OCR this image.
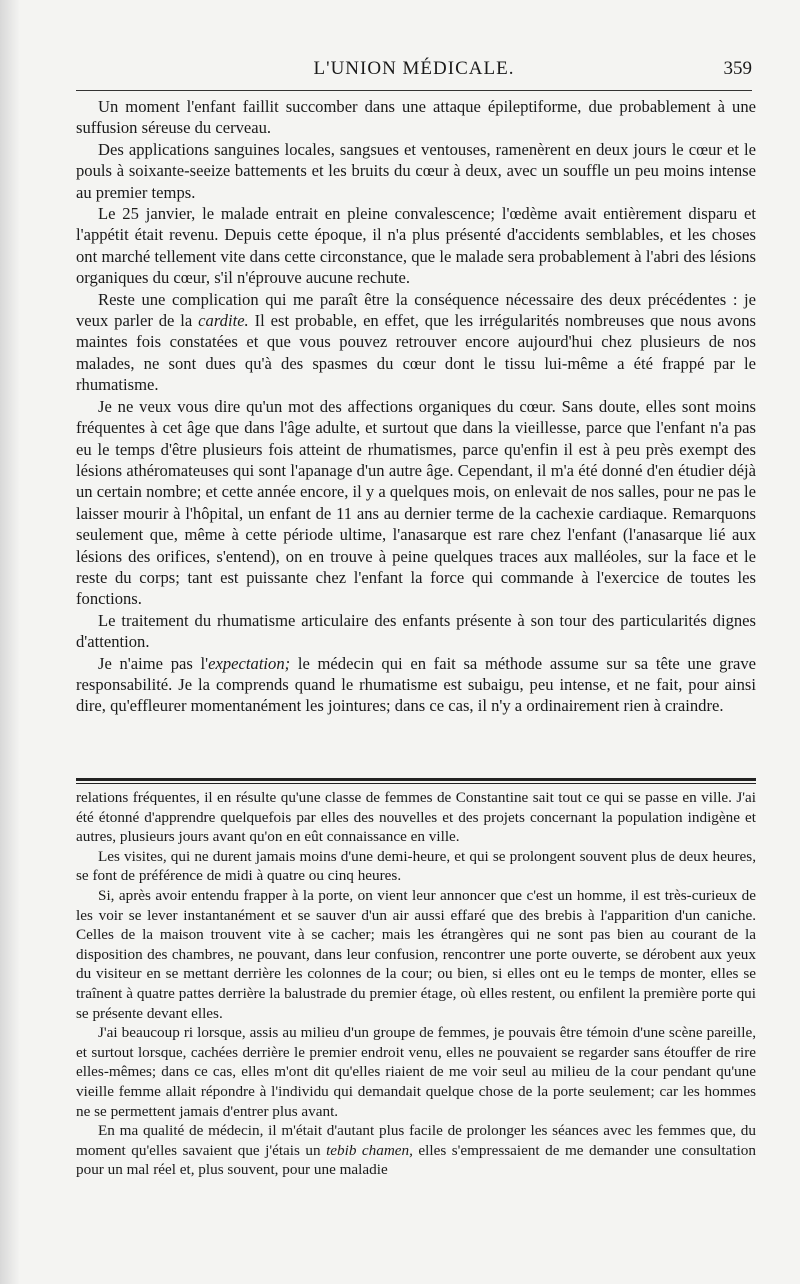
L'UNION MÉDICALE.	359

Un moment l'enfant faillit succomber dans une attaque épileptiforme, due probablement à une suffusion séreuse du cerveau.

Des applications sanguines locales, sangsues et ventouses, ramenèrent en deux jours le cœur et le pouls à soixante-seeize battements et les bruits du cœur à deux, avec un souffle un peu moins intense au premier temps.

Le 25 janvier, le malade entrait en pleine convalescence; l'œdème avait entièrement disparu et l'appétit était revenu. Depuis cette époque, il n'a plus présenté d'accidents semblables, et les choses ont marché tellement vite dans cette circonstance, que le malade sera probablement à l'abri des lésions organiques du cœur, s'il n'éprouve aucune rechute.

Reste une complication qui me paraît être la conséquence nécessaire des deux précédentes : je veux parler de la cardite. Il est probable, en effet, que les irrégularités nombreuses que nous avons maintes fois constatées et que vous pouvez retrouver encore aujourd'hui chez plusieurs de nos malades, ne sont dues qu'à des spasmes du cœur dont le tissu lui-même a été frappé par le rhumatisme.

Je ne veux vous dire qu'un mot des affections organiques du cœur. Sans doute, elles sont moins fréquentes à cet âge que dans l'âge adulte, et surtout que dans la vieillesse, parce que l'enfant n'a pas eu le temps d'être plusieurs fois atteint de rhumatismes, parce qu'enfin il est à peu près exempt des lésions athéromateuses qui sont l'apanage d'un autre âge. Cependant, il m'a été donné d'en étudier déjà un certain nombre; et cette année encore, il y a quelques mois, on enlevait de nos salles, pour ne pas le laisser mourir à l'hôpital, un enfant de 11 ans au dernier terme de la cachexie cardiaque. Remarquons seulement que, même à cette période ultime, l'anasarque est rare chez l'enfant (l'anasarque lié aux lésions des orifices, s'entend), on en trouve à peine quelques traces aux malléoles, sur la face et le reste du corps; tant est puissante chez l'enfant la force qui commande à l'exercice de toutes les fonctions.

Le traitement du rhumatisme articulaire des enfants présente à son tour des particularités dignes d'attention.

Je n'aime pas l'expectation; le médecin qui en fait sa méthode assume sur sa tête une grave responsabilité. Je la comprends quand le rhumatisme est subaigu, peu intense, et ne fait, pour ainsi dire, qu'effleurer momentanément les jointures; dans ce cas, il n'y a ordinairement rien à craindre.

relations fréquentes, il en résulte qu'une classe de femmes de Constantine sait tout ce qui se passe en ville. J'ai été étonné d'apprendre quelquefois par elles des nouvelles et des projets concernant la population indigène et autres, plusieurs jours avant qu'on en eût connaissance en ville.

Les visites, qui ne durent jamais moins d'une demi-heure, et qui se prolongent souvent plus de deux heures, se font de préférence de midi à quatre ou cinq heures.

Si, après avoir entendu frapper à la porte, on vient leur annoncer que c'est un homme, il est très-curieux de les voir se lever instantanément et se sauver d'un air aussi effaré que des brebis à l'apparition d'un caniche. Celles de la maison trouvent vite à se cacher; mais les étrangères qui ne sont pas bien au courant de la disposition des chambres, ne pouvant, dans leur confusion, rencontrer une porte ouverte, se dérobent aux yeux du visiteur en se mettant derrière les colonnes de la cour; ou bien, si elles ont eu le temps de monter, elles se traînent à quatre pattes derrière la balustrade du premier étage, où elles restent, ou enfilent la première porte qui se présente devant elles.

J'ai beaucoup ri lorsque, assis au milieu d'un groupe de femmes, je pouvais être témoin d'une scène pareille, et surtout lorsque, cachées derrière le premier endroit venu, elles ne pouvaient se regarder sans étouffer de rire elles-mêmes; dans ce cas, elles m'ont dit qu'elles riaient de me voir seul au milieu de la cour pendant qu'une vieille femme allait répondre à l'individu qui demandait quelque chose de la porte seulement; car les hommes ne se permettent jamais d'entrer plus avant.

En ma qualité de médecin, il m'était d'autant plus facile de prolonger les séances avec les femmes que, du moment qu'elles savaient que j'étais un tebib chamen, elles s'empressaient de me demander une consultation pour un mal réel et, plus souvent, pour une maladie
